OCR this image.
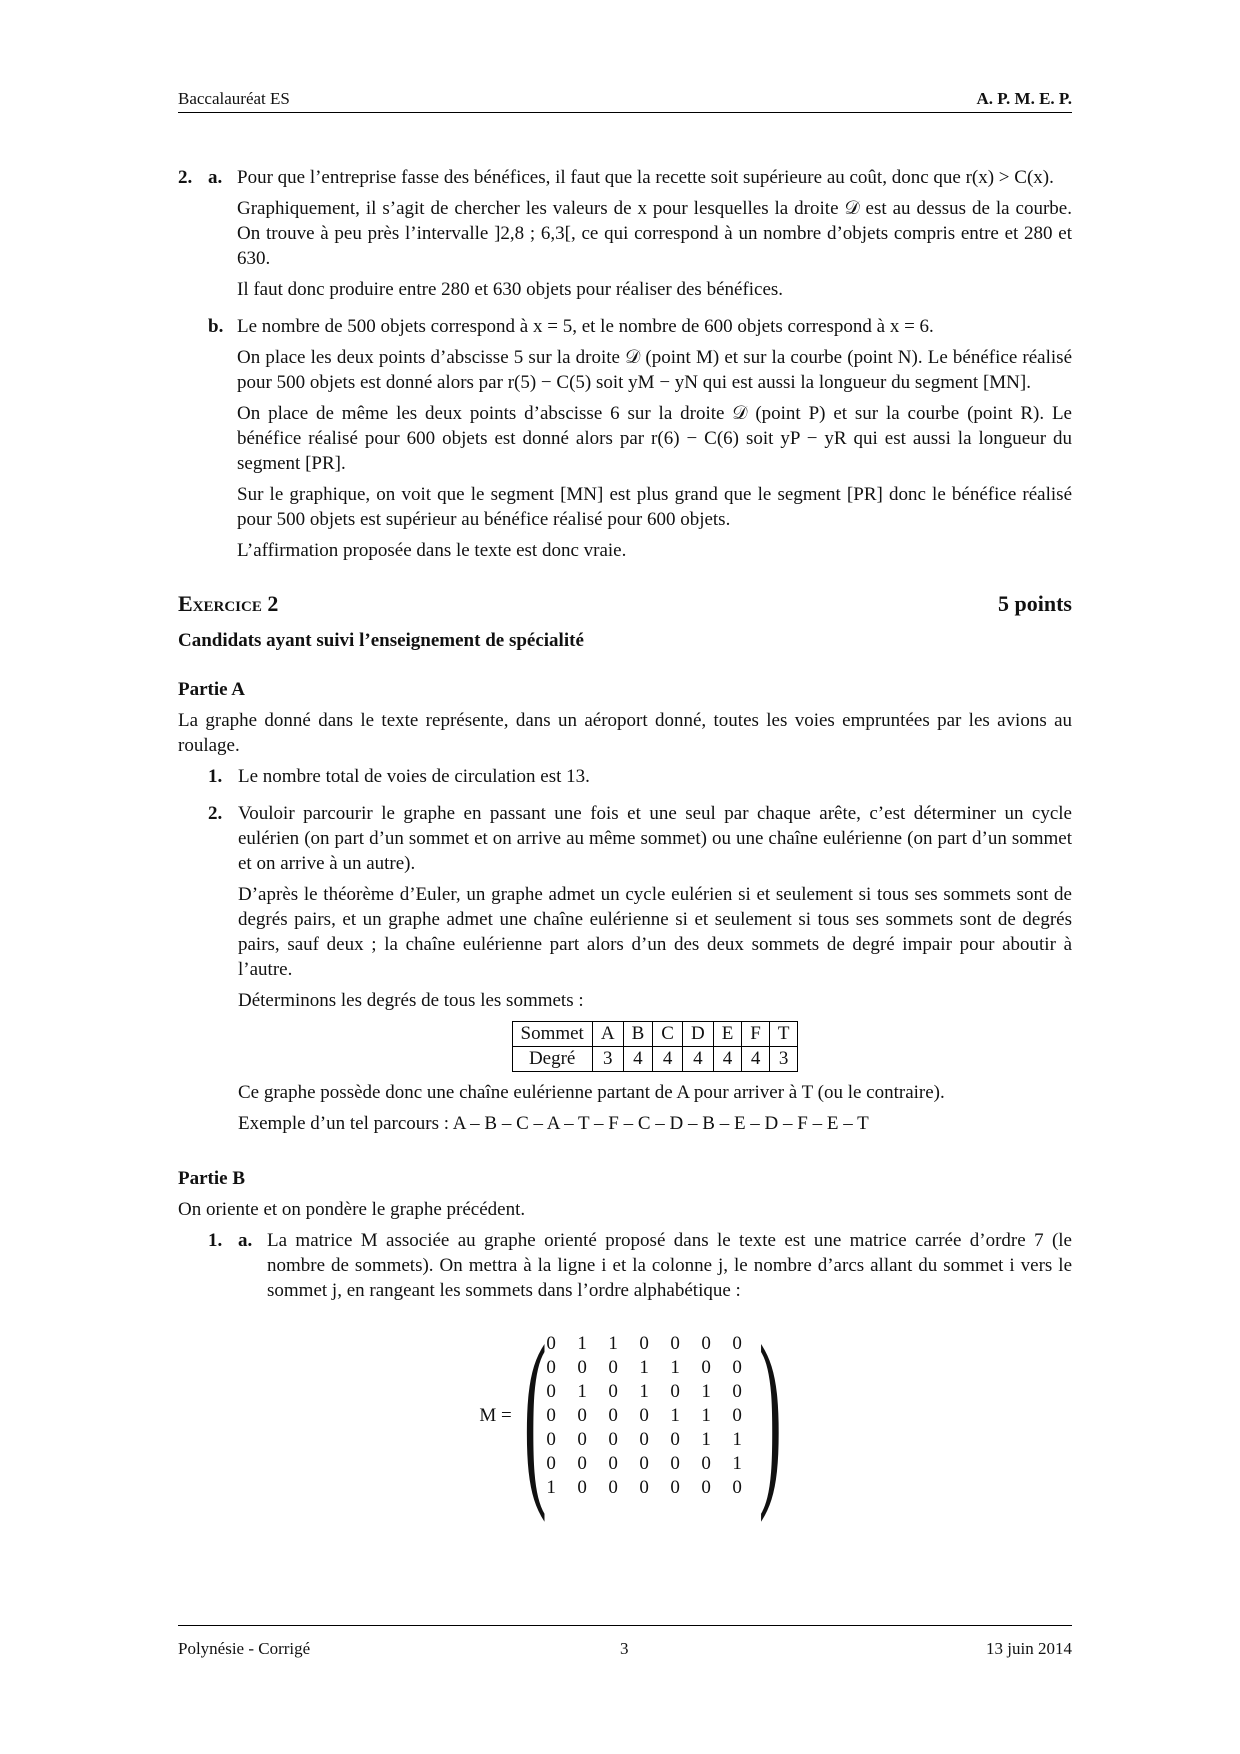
Baccalauréat ES	A. P. M. E. P.
2. a. Pour que l’entreprise fasse des bénéfices, il faut que la recette soit supérieure au coût, donc que r(x) > C(x).

Graphiquement, il s’agit de chercher les valeurs de x pour lesquelles la droite 𝒟 est au dessus de la courbe. On trouve à peu près l’intervalle ]2,8 ; 6,3[, ce qui correspond à un nombre d’objets compris entre et 280 et 630.

Il faut donc produire entre 280 et 630 objets pour réaliser des bénéfices.

b. Le nombre de 500 objets correspond à x = 5, et le nombre de 600 objets correspond à x = 6.

On place les deux points d’abscisse 5 sur la droite 𝒟 (point M) et sur la courbe (point N). Le bénéfice réalisé pour 500 objets est donné alors par r(5) − C(5) soit yM − yN qui est aussi la longueur du segment [MN].

On place de même les deux points d’abscisse 6 sur la droite 𝒟 (point P) et sur la courbe (point R). Le bénéfice réalisé pour 600 objets est donné alors par r(6) − C(6) soit yP − yR qui est aussi la longueur du segment [PR].

Sur le graphique, on voit que le segment [MN] est plus grand que le segment [PR] donc le bénéfice réalisé pour 500 objets est supérieur au bénéfice réalisé pour 600 objets.

L’affirmation proposée dans le texte est donc vraie.

Exercice 2	5 points

Candidats ayant suivi l’enseignement de spécialité

Partie A

La graphe donné dans le texte représente, dans un aéroport donné, toutes les voies empruntées par les avions au roulage.

1. Le nombre total de voies de circulation est 13.

2. Vouloir parcourir le graphe en passant une fois et une seul par chaque arête, c’est déterminer un cycle eulérien (on part d’un sommet et on arrive au même sommet) ou une chaîne eulérienne (on part d’un sommet et on arrive à un autre).

D’après le théorème d’Euler, un graphe admet un cycle eulérien si et seulement si tous ses sommets sont de degrés pairs, et un graphe admet une chaîne eulérienne si et seulement si tous ses sommets sont de degrés pairs, sauf deux ; la chaîne eulérienne part alors d’un des deux sommets de degré impair pour aboutir à l’autre.

Déterminons les degrés de tous les sommets :

Sommet	A	B	C	D	E	F	T
Degré	3	4	4	4	4	4	3

Ce graphe possède donc une chaîne eulérienne partant de A pour arriver à T (ou le contraire).

Exemple d’un tel parcours : A – B – C – A – T – F – C – D – B – E – D – F – E – T

Partie B

On oriente et on pondère le graphe précédent.

1. a. La matrice M associée au graphe orienté proposé dans le texte est une matrice carrée d’ordre 7 (le nombre de sommets). On mettra à la ligne i et la colonne j, le nombre d’arcs allant du sommet i vers le sommet j, en rangeant les sommets dans l’ordre alphabétique :

M = ( 0	1	1	0	0	0	0
0	0	0	1	1	0	0
0	1	0	1	0	1	0
0	0	0	0	1	1	0
0	0	0	0	0	1	1
0	0	0	0	0	0	1
1	0	0	0	0	0	0 )
Polynésie - Corrigé	3	13 juin 2014
